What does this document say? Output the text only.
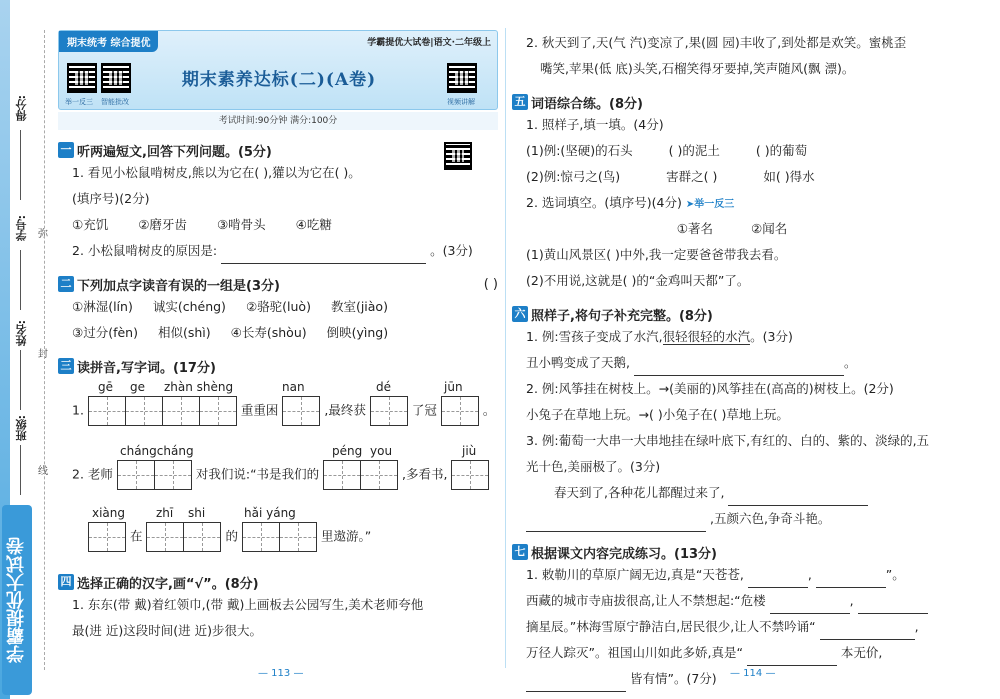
得分:
学号:
姓名:
班级:
弥
封
线
学霸提优大试卷
期末统考 综合提优	学霸提优大试卷|语文·二年级上
举一反三 智能批改
期末素养达标(二)(A卷)
视频讲解
考试时间:90分钟 满分:100分
一 听两遍短文,回答下列问题。(5分)
1. 看见小松鼠啃树皮,熊以为它在( ),獾以为它在( )。
(填序号)(2分)
①充饥 ②磨牙齿 ③啃骨头 ④吃糖
2. 小松鼠啃树皮的原因是:	。(3分)
二 下列加点字读音有误的一组是(3分)	( )
①淋湿(lín) 诚实(chéng) ②骆驼(luò) 教室(jiào)
③过分(fèn) 相似(shì) ④长寿(shòu) 倒映(yìng)
三 读拼音,写字词。(17分)
gē ge zhàn shèng	nan	dé	jūn
1.	重重困	,最终获	了冠	。
chángcháng	péng you	jiù
2. 老师	对我们说:“书是我们的	,多看书,
xiàng	zhī shi	hǎi yáng
在	的	里遨游。”
四 选择正确的汉字,画“√”。(8分)
1. 东东(带 戴)着红领巾,(带 戴)上画板去公园写生,美术老师夸他
最(进 近)这段时间(进 近)步很大。
2. 秋天到了,天(气 汽)变凉了,果(圆 园)丰收了,到处都是欢笑。蜜桃歪
嘴笑,苹果(低 底)头笑,石榴笑得牙要掉,笑声随风(飘 漂)。
五 词语综合练。(8分)
1. 照样子,填一填。(4分)
(1)例:(坚硬)的石头	( )的泥土	( )的葡萄
(2)例:惊弓之(鸟)	害群之( )	如( )得水
2. 选词填空。(填序号)(4分) ➤举一反三
①著名	②闻名
(1)黄山风景区( )中外,我一定要爸爸带我去看。
(2)不用说,这就是( )的“金鸡叫天都”了。
六 照样子,将句子补充完整。(8分)
1. 例:雪孩子变成了水汽,很轻很轻的水汽。(3分)
丑小鸭变成了天鹅,	。
2. 例:风筝挂在树枝上。→(美丽的)风筝挂在(高高的)树枝上。(2分)
小兔子在草地上玩。→( )小兔子在( )草地上玩。
3. 例:葡萄一大串一大串地挂在绿叶底下,有红的、白的、紫的、淡绿的,五
光十色,美丽极了。(3分)
春天到了,各种花儿都醒过来了,
,五颜六色,争奇斗艳。
七 根据课文内容完成练习。(13分)
1. 敕勒川的草原广阔无边,真是“天苍苍,	,	”。
西藏的城市寺庙拔很高,让人不禁想起:“危楼	,
摘星辰。”林海雪原宁静洁白,居民很少,让人不禁吟诵“	,
万径人踪灭”。祖国山川如此多娇,真是“	本无价,
皆有情”。(7分)
— 113 —	— 114 —
